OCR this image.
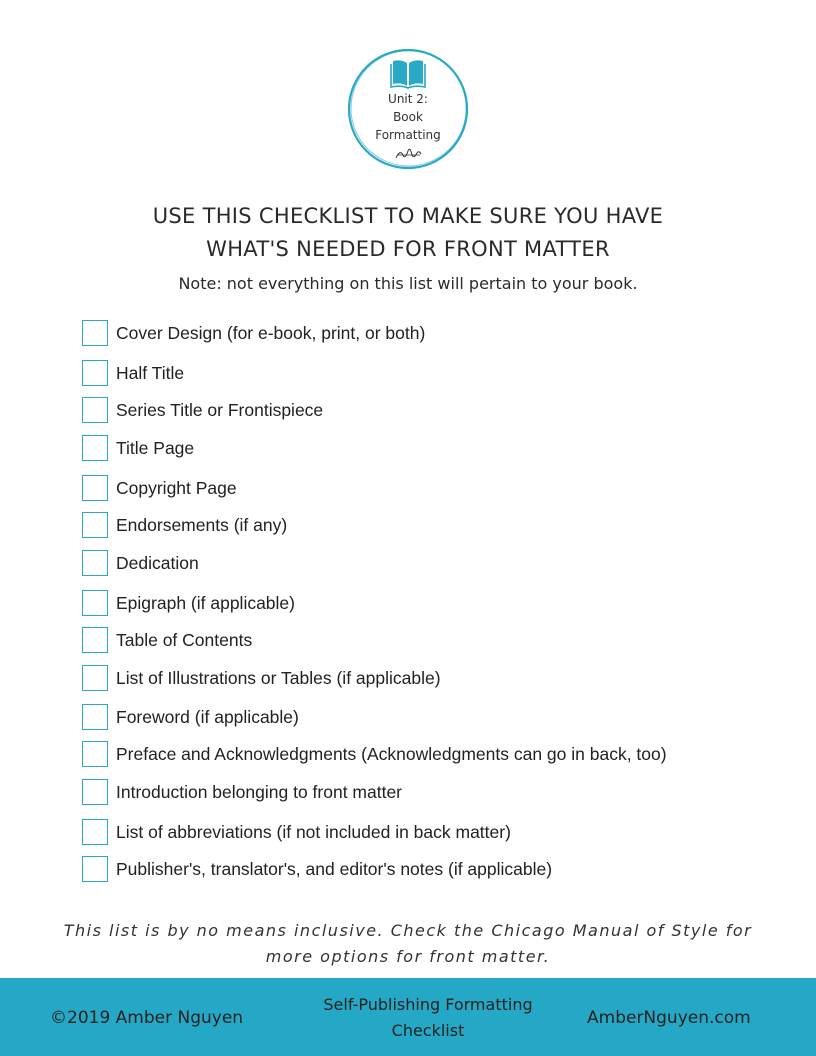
Unit 2:
Book
Formatting
USE THIS CHECKLIST TO MAKE SURE YOU HAVE
WHAT'S NEEDED FOR FRONT MATTER
Note: not everything on this list will pertain to your book.
Cover Design (for e-book, print, or both)
Half Title
Series Title or Frontispiece
Title Page
Copyright Page
Endorsements (if any)
Dedication
Epigraph (if applicable)
Table of Contents
List of Illustrations or Tables (if applicable)
Foreword (if applicable)
Preface and Acknowledgments (Acknowledgments can go in back, too)
Introduction belonging to front matter
List of abbreviations (if not included in back matter)
Publisher's, translator's, and editor's notes (if applicable)
This list is by no means inclusive. Check the Chicago Manual of Style for
more options for front matter.
©2019 Amber Nguyen
Self-Publishing Formatting
Checklist
AmberNguyen.com
